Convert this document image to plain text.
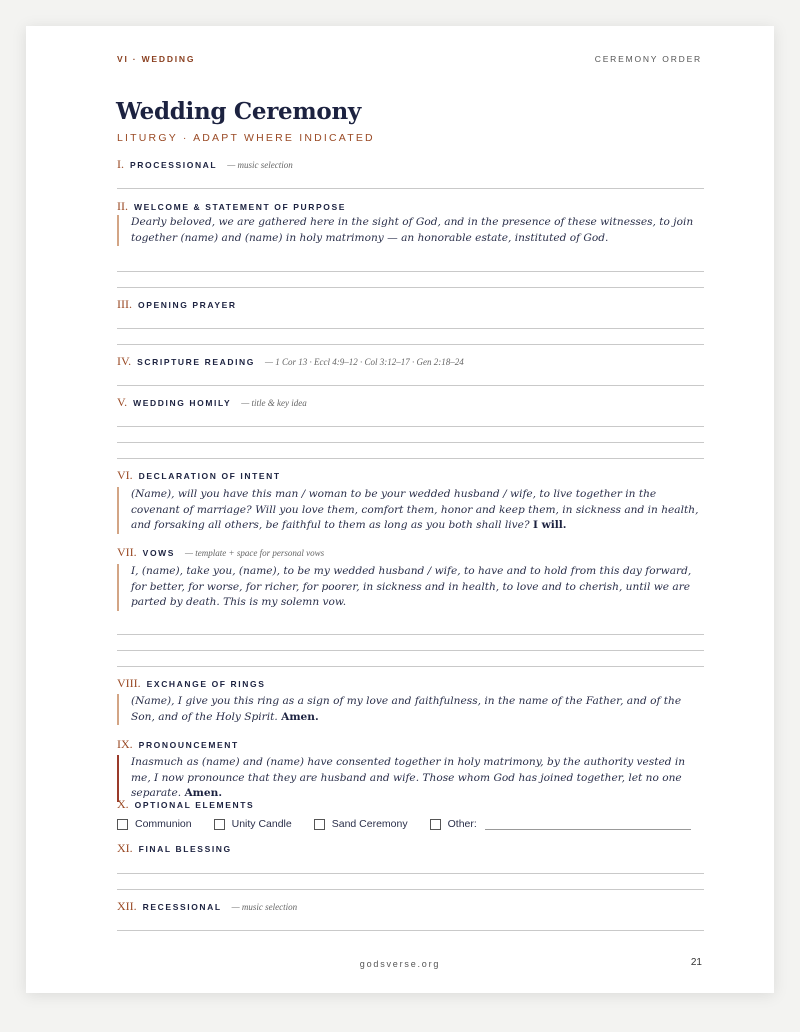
VI · WEDDING	CEREMONY ORDER
Wedding Ceremony
LITURGY · ADAPT WHERE INDICATED
I. PROCESSIONAL — music selection
II. WELCOME & STATEMENT OF PURPOSE
Dearly beloved, we are gathered here in the sight of God, and in the presence of these witnesses, to join together (name) and (name) in holy matrimony — an honorable estate, instituted of God.
III. OPENING PRAYER
IV. SCRIPTURE READING — 1 Cor 13 · Eccl 4:9–12 · Col 3:12–17 · Gen 2:18–24
V. WEDDING HOMILY — title & key idea
VI. DECLARATION OF INTENT
(Name), will you have this man / woman to be your wedded husband / wife, to live together in the covenant of marriage? Will you love them, comfort them, honor and keep them, in sickness and in health, and forsaking all others, be faithful to them as long as you both shall live? I will.
VII. VOWS — template + space for personal vows
I, (name), take you, (name), to be my wedded husband / wife, to have and to hold from this day forward, for better, for worse, for richer, for poorer, in sickness and in health, to love and to cherish, until we are parted by death. This is my solemn vow.
VIII. EXCHANGE OF RINGS
(Name), I give you this ring as a sign of my love and faithfulness, in the name of the Father, and of the Son, and of the Holy Spirit. Amen.
IX. PRONOUNCEMENT
Inasmuch as (name) and (name) have consented together in holy matrimony, by the authority vested in me, I now pronounce that they are husband and wife. Those whom God has joined together, let no one separate. Amen.
X. OPTIONAL ELEMENTS
Communion	Unity Candle	Sand Ceremony	Other:
XI. FINAL BLESSING
XII. RECESSIONAL — music selection
godsverse.org	21
